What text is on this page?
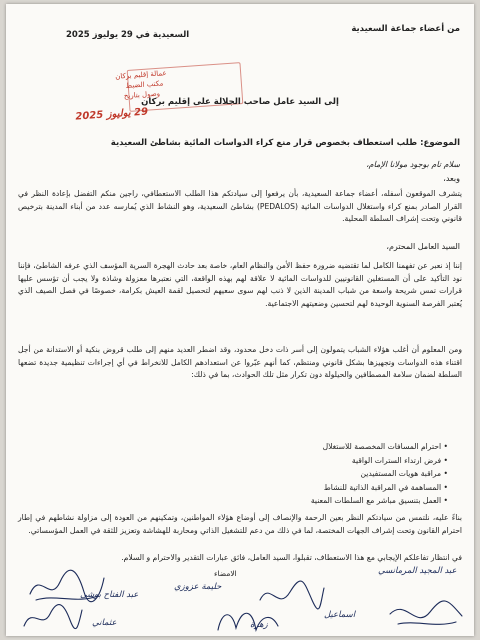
من أعضاء جماعة السعيدية
السعيدية في 29 يوليوز 2025
عمالة إقليم بركان
مكتب الضبط
وصول بتاريخ
29 يوليوز 2025
إلى السيد عامل صاحب الجلالة على إقليم بركان
الموضوع: طلب استعطاف بخصوص قرار منع كراء الدواسات المائية بشاطئ السعيدية
سلام تام بوجود مولانا الإمام،
وبعد،
يتشرف الموقعون أسفله، أعضاء جماعة السعيدية، بأن يرفعوا إلى سيادتكم هذا الطلب الاستعطافي، راجين منكم التفضل بإعادة النظر في القرار الصادر بمنع كراء واستغلال الدواسات المائية (PEDALOS) بشاطئ السعيدية، وهو النشاط الذي يُمارسه عدد من أبناء المدينة بترخيص قانوني وتحت إشراف السلطة المحلية.
السيد العامل المحترم،
إننا إذ نعبر عن تفهمنا الكامل لما تقتضيه ضرورة حفظ الأمن والنظام العام، خاصة بعد حادث الهجرة السرية المؤسف الذي عرفه الشاطئ، فإننا نود التأكيد على أن المستغلين القانونيين للدواسات المائية لا علاقة لهم بهذه الواقعة، التي نعتبرها معزولة وشاذة ولا يجب أن تؤسس عليها قرارات تمس شريحة واسعة من شباب المدينة الذين لا ذنب لهم سوى سعيهم لتحصيل لقمة العيش بكرامة، خصوصًا في فصل الصيف الذي يُعتبر الفرصة السنوية الوحيدة لهم لتحسين وضعيتهم الاجتماعية.
ومن المعلوم أن أغلب هؤلاء الشباب يتمولون إلى أسر ذات دخل محدود، وقد اضطر العديد منهم إلى طلب قروض بنكية أو الاستدانة من أجل اقتناء هذه الدواسات وتجهيزها بشكل قانوني ومنتظم، كما أنهم عبّروا عن استعدادهم الكامل للانخراط في أي إجراءات تنظيمية جديدة تضعها السلطة لضمان سلامة المصطافين والحيلولة دون تكرار مثل تلك الحوادث، بما في ذلك:
• احترام المسافات المخصصة للاستغلال
• فرض ارتداء السترات الواقية
• مراقبة هويات المستفيدين
• المساهمة في المراقبة الذاتية للنشاط
• العمل بتنسيق مباشر مع السلطات المعنية
بناءً عليه، نلتمس من سيادتكم النظر بعين الرحمة والإنصاف إلى أوضاع هؤلاء المواطنين، وتمكينهم من العودة إلى مزاولة نشاطهم في إطار احترام القانون وتحت إشراف الجهات المختصة، لما في ذلك من دعم للتشغيل الذاتي ومحاربة للهشاشة وتعزيز للثقة في العمل المؤسساتي.
في انتظار تفاعلكم الإيجابي مع هذا الاستعطاف، تقبلوا، السيد العامل، فائق عبارات التقدير والاحترام و السلام.
الامضاء	عبد المجيد المرمانسي
عبد الفتاح بوشي
حليمة عزوزي
اسماعيل
عثماني	زهرة
